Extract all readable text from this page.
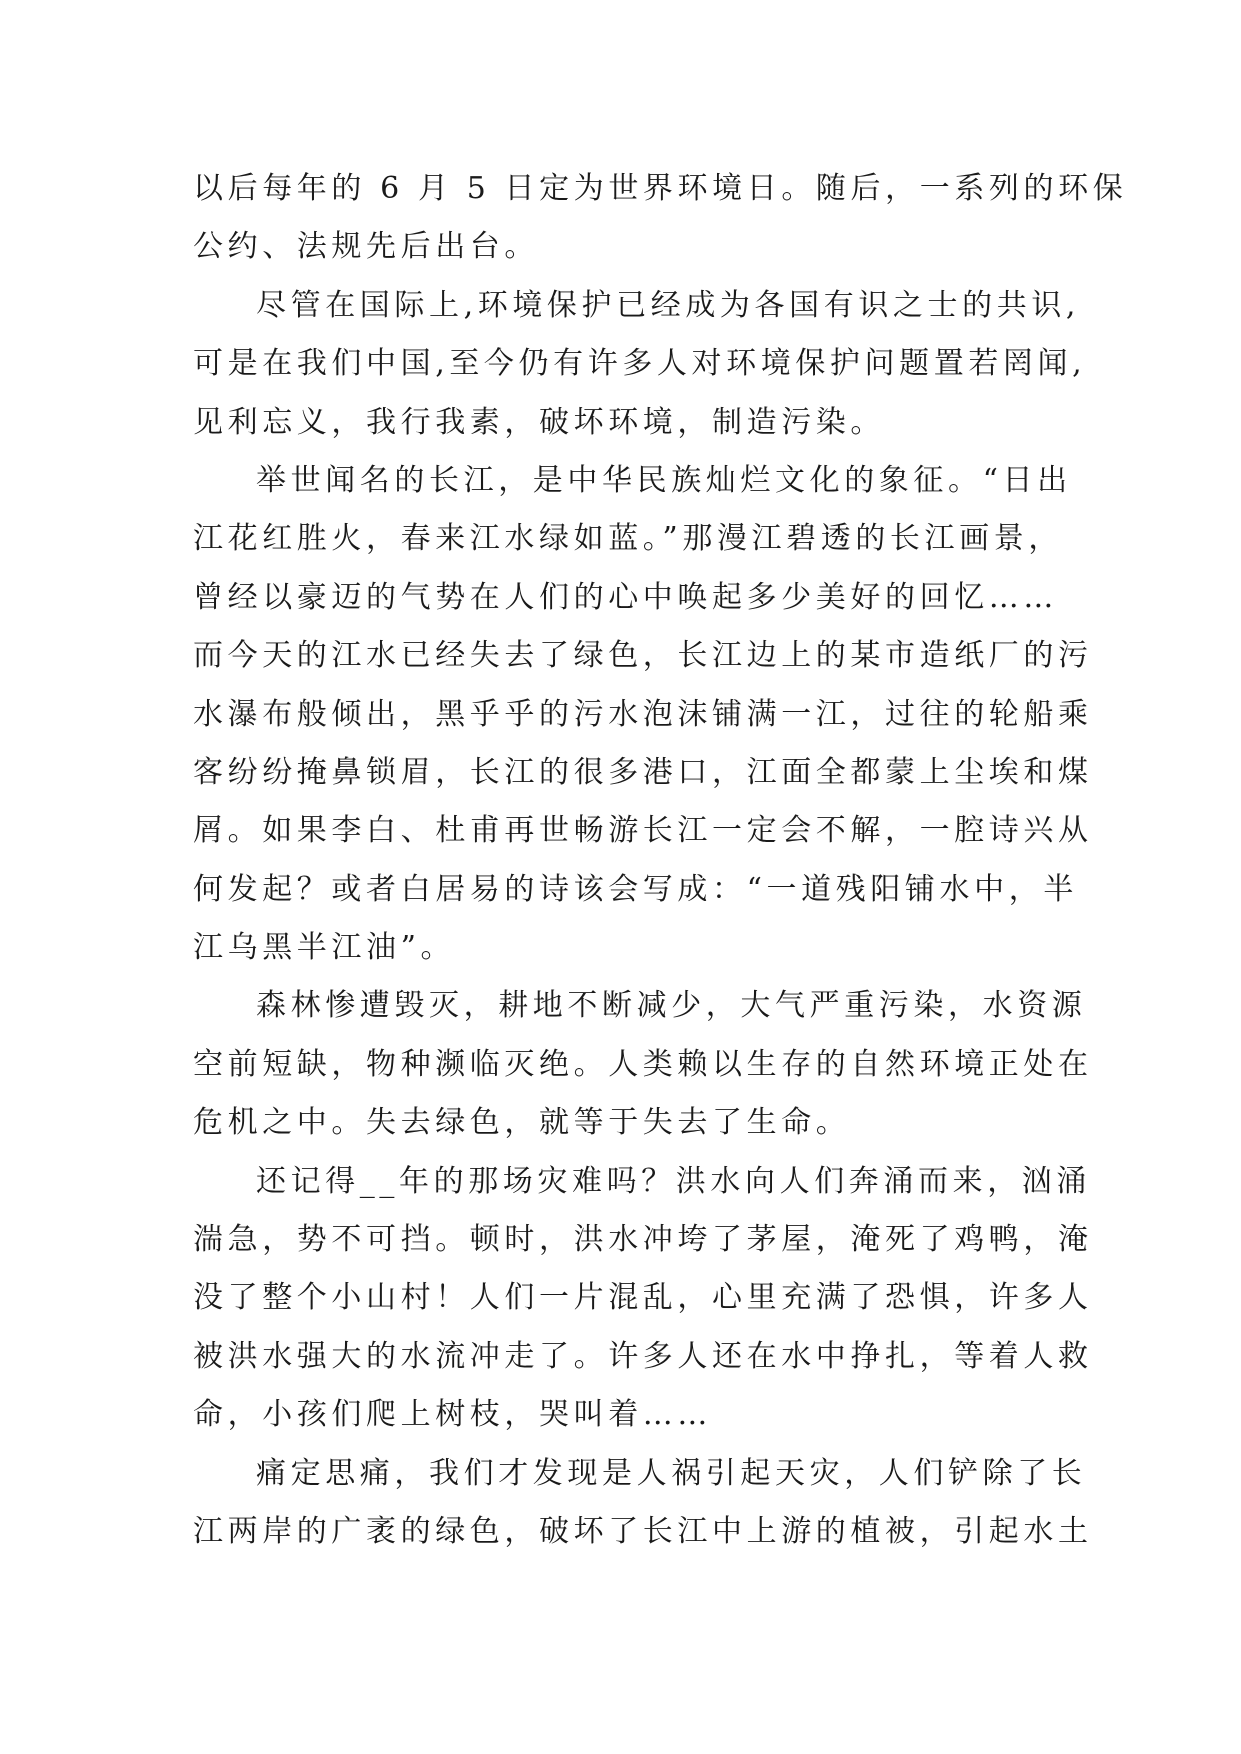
以后每年的 6 月 5 日定为世界环境日。随后，一系列的环保
公约、法规先后出台。
尽管在国际上,环境保护已经成为各国有识之士的共识,
可是在我们中国,至今仍有许多人对环境保护问题置若罔闻,
见利忘义，我行我素，破坏环境，制造污染。
举世闻名的长江，是中华民族灿烂文化的象征。“日出
江花红胜火，春来江水绿如蓝。”那漫江碧透的长江画景，
曾经以豪迈的气势在人们的心中唤起多少美好的回忆……
而今天的江水已经失去了绿色，长江边上的某市造纸厂的污
水瀑布般倾出，黑乎乎的污水泡沫铺满一江，过往的轮船乘
客纷纷掩鼻锁眉，长江的很多港口，江面全都蒙上尘埃和煤
屑。如果李白、杜甫再世畅游长江一定会不解，一腔诗兴从
何发起？或者白居易的诗该会写成：“一道残阳铺水中，半
江乌黑半江油”。
森林惨遭毁灭，耕地不断减少，大气严重污染，水资源
空前短缺，物种濒临灭绝。人类赖以生存的自然环境正处在
危机之中。失去绿色，就等于失去了生命。
还记得__年的那场灾难吗？洪水向人们奔涌而来，汹涌
湍急，势不可挡。顿时，洪水冲垮了茅屋，淹死了鸡鸭，淹
没了整个小山村！人们一片混乱，心里充满了恐惧，许多人
被洪水强大的水流冲走了。许多人还在水中挣扎，等着人救
命，小孩们爬上树枝，哭叫着……
痛定思痛，我们才发现是人祸引起天灾，人们铲除了长
江两岸的广袤的绿色，破坏了长江中上游的植被，引起水土
